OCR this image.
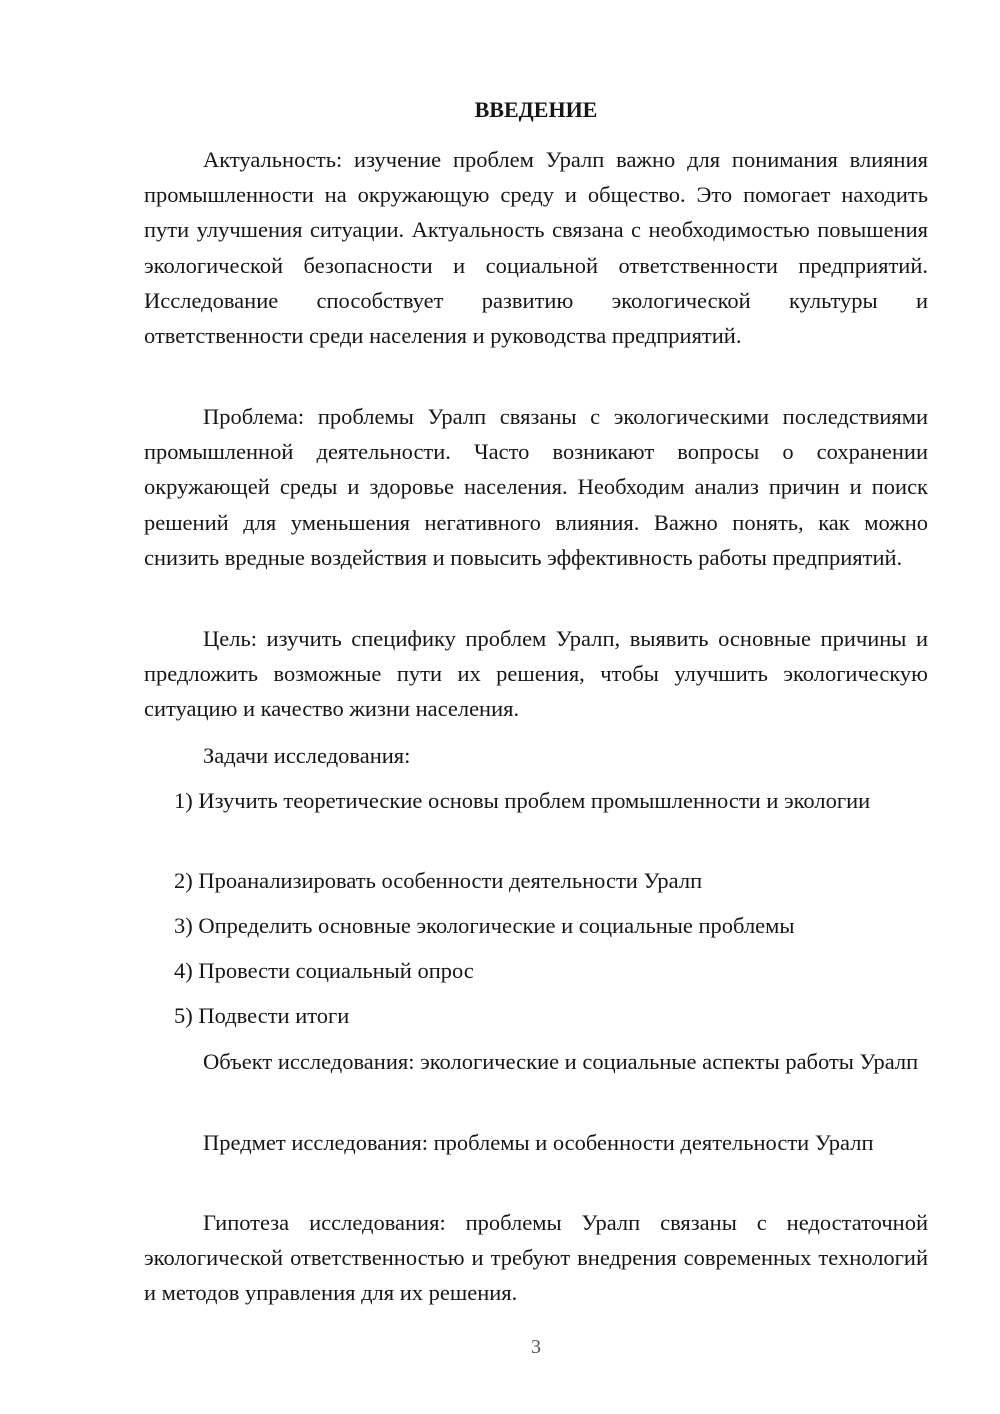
ВВЕДЕНИЕ

Актуальность: изучение проблем Уралп важно для понимания влияния промышленности на окружающую среду и общество. Это помогает находить пути улучшения ситуации. Актуальность связана с необходимостью повышения экологической безопасности и социальной ответственности предприятий. Исследование способствует развитию экологической культуры и ответственности среди населения и руководства предприятий.

Проблема: проблемы Уралп связаны с экологическими последствиями промышленной деятельности. Часто возникают вопросы о сохранении окружающей среды и здоровье населения. Необходим анализ причин и поиск решений для уменьшения негативного влияния. Важно понять, как можно снизить вредные воздействия и повысить эффективность работы предприятий.

Цель: изучить специфику проблем Уралп, выявить основные причины и предложить возможные пути их решения, чтобы улучшить экологическую ситуацию и качество жизни населения.

Задачи исследования:

1) Изучить теоретические основы проблем промышленности и экологии

2) Проанализировать особенности деятельности Уралп

3) Определить основные экологические и социальные проблемы

4) Провести социальный опрос

5) Подвести итоги

Объект исследования: экологические и социальные аспекты работы Уралп

Предмет исследования: проблемы и особенности деятельности Уралп

Гипотеза исследования: проблемы Уралп связаны с недостаточной экологической ответственностью и требуют внедрения современных технологий и методов управления для их решения.

3
